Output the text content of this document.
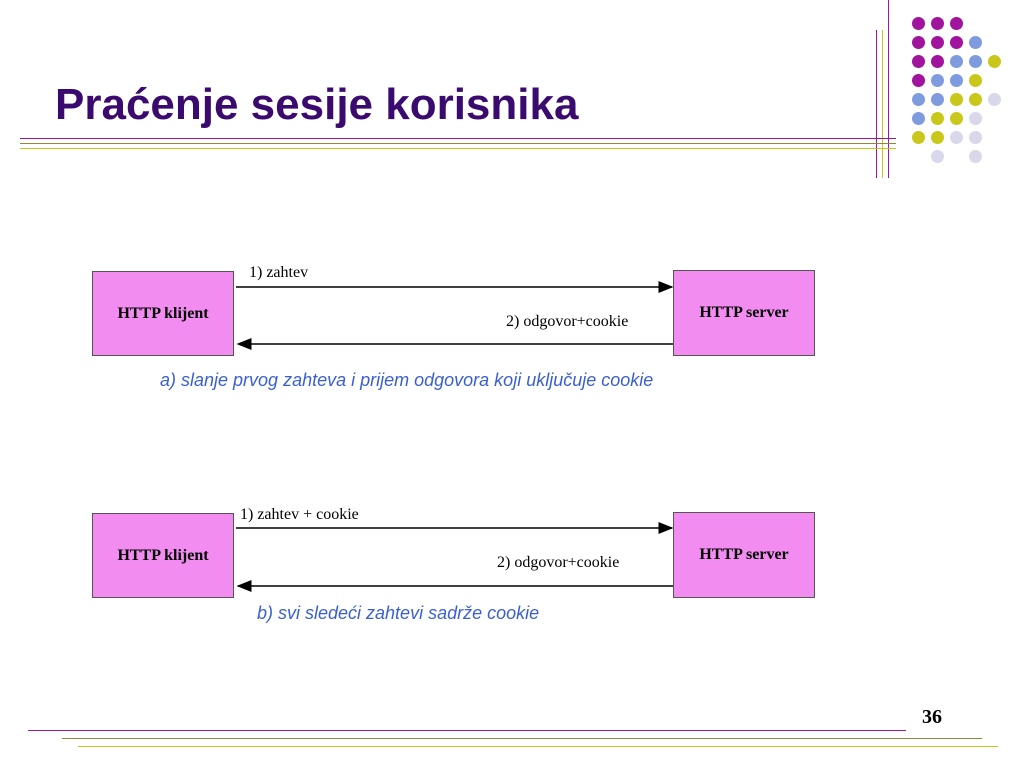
Praćenje sesije korisnika
HTTP klijent	HTTP server
1) zahtev
2) odgovor+cookie
a) slanje prvog zahteva i prijem odgovora koji uključuje cookie
HTTP klijent	HTTP server
1) zahtev + cookie
2) odgovor+cookie
b) svi sledeći zahtevi sadrže cookie
36
